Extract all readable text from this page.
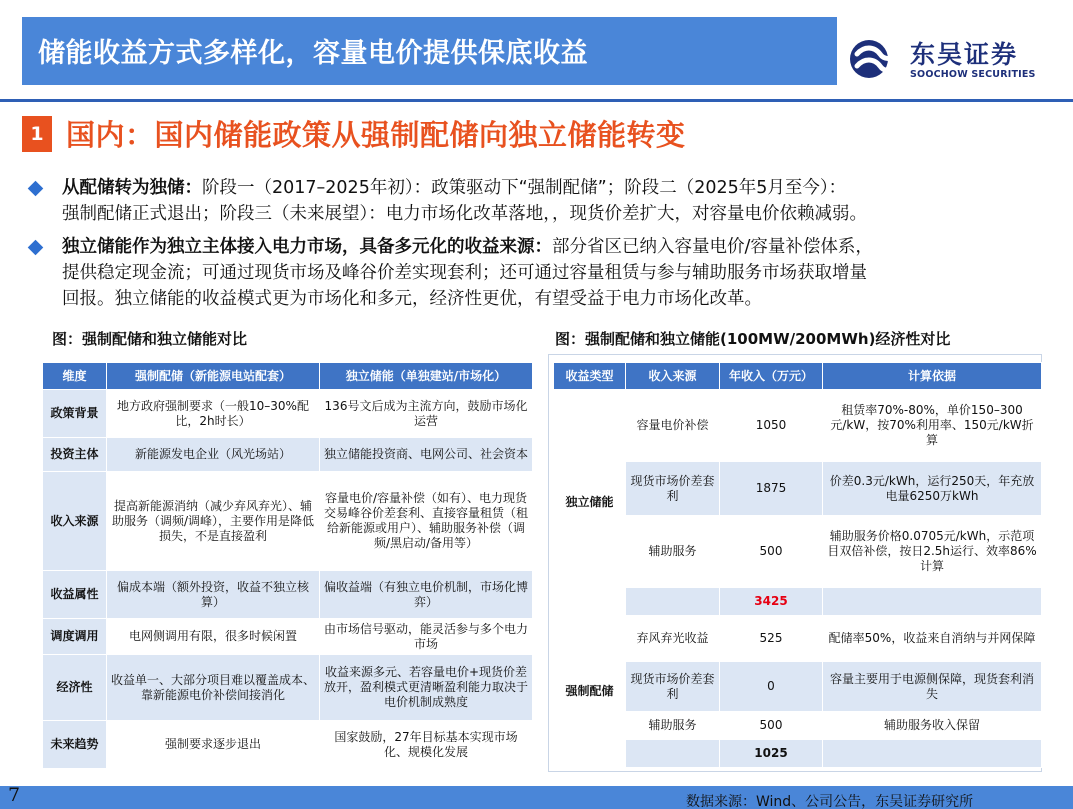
储能收益方式多样化，容量电价提供保底收益	东吴证券
SOOCHOW SECURITIES
1 国内：国内储能政策从强制配储向独立储能转变
从配储转为独储：阶段一（2017–2025年初）：政策驱动下“强制配储”；阶段二（2025年5月至今）：
强制配储正式退出；阶段三（未来展望）：电力市场化改革落地，，现货价差扩大，对容量电价依赖减弱。
独立储能作为独立主体接入电力市场，具备多元化的收益来源：部分省区已纳入容量电价/容量补偿体系，
提供稳定现金流；可通过现货市场及峰谷价差实现套利；还可通过容量租赁与参与辅助服务市场获取增量
回报。独立储能的收益模式更为市场化和多元，经济性更优，有望受益于电力市场化改革。
图：强制配储和独立储能对比	图：强制配储和独立储能(100MW/200MWh)经济性对比
维度	强制配储（新能源电站配套）	独立储能（单独建站/市场化）
政策背景	地方政府强制要求（一般10–30%配比，2h时长）	136号文后成为主流方向，鼓励市场化运营
投资主体	新能源发电企业（风光场站）	独立储能投资商、电网公司、社会资本
收入来源	提高新能源消纳（减少弃风弃光）、辅助服务（调频/调峰），主要作用是降低损失，不是直接盈利	容量电价/容量补偿（如有）、电力现货交易峰谷价差套利、直接容量租赁（租给新能源或用户）、辅助服务补偿（调频/黑启动/备用等）
收益属性	偏成本端（额外投资，收益不独立核算）	偏收益端（有独立电价机制，市场化博弈）
调度调用	电网侧调用有限，很多时候闲置	由市场信号驱动，能灵活参与多个电力市场
经济性	收益单一、大部分项目难以覆盖成本、靠新能源电价补偿间接消化	收益来源多元、若容量电价+现货价差放开，盈利模式更清晰盈利能力取决于电价机制成熟度
未来趋势	强制要求逐步退出	国家鼓励，27年目标基本实现市场化、规模化发展
收益类型	收入来源	年收入（万元）	计算依据
独立储能	容量电价补偿	1050	租赁率70%-80%，单价150–300元/kW，按70%利用率、150元/kW折算
	现货市场价差套利	1875	价差0.3元/kWh，运行250天，年充放电量6250万kWh
	辅助服务	500	辅助服务价格0.0705元/kWh，示范项目双倍补偿，按日2.5h运行、效率86%计算
		3425	
强制配储	弃风弃光收益	525	配储率50%，收益来自消纳与并网保障
	现货市场价差套利	0	容量主要用于电源侧保障，现货套利消失
	辅助服务	500	辅助服务收入保留
		1025	
7	数据来源：Wind、公司公告，东吴证券研究所
